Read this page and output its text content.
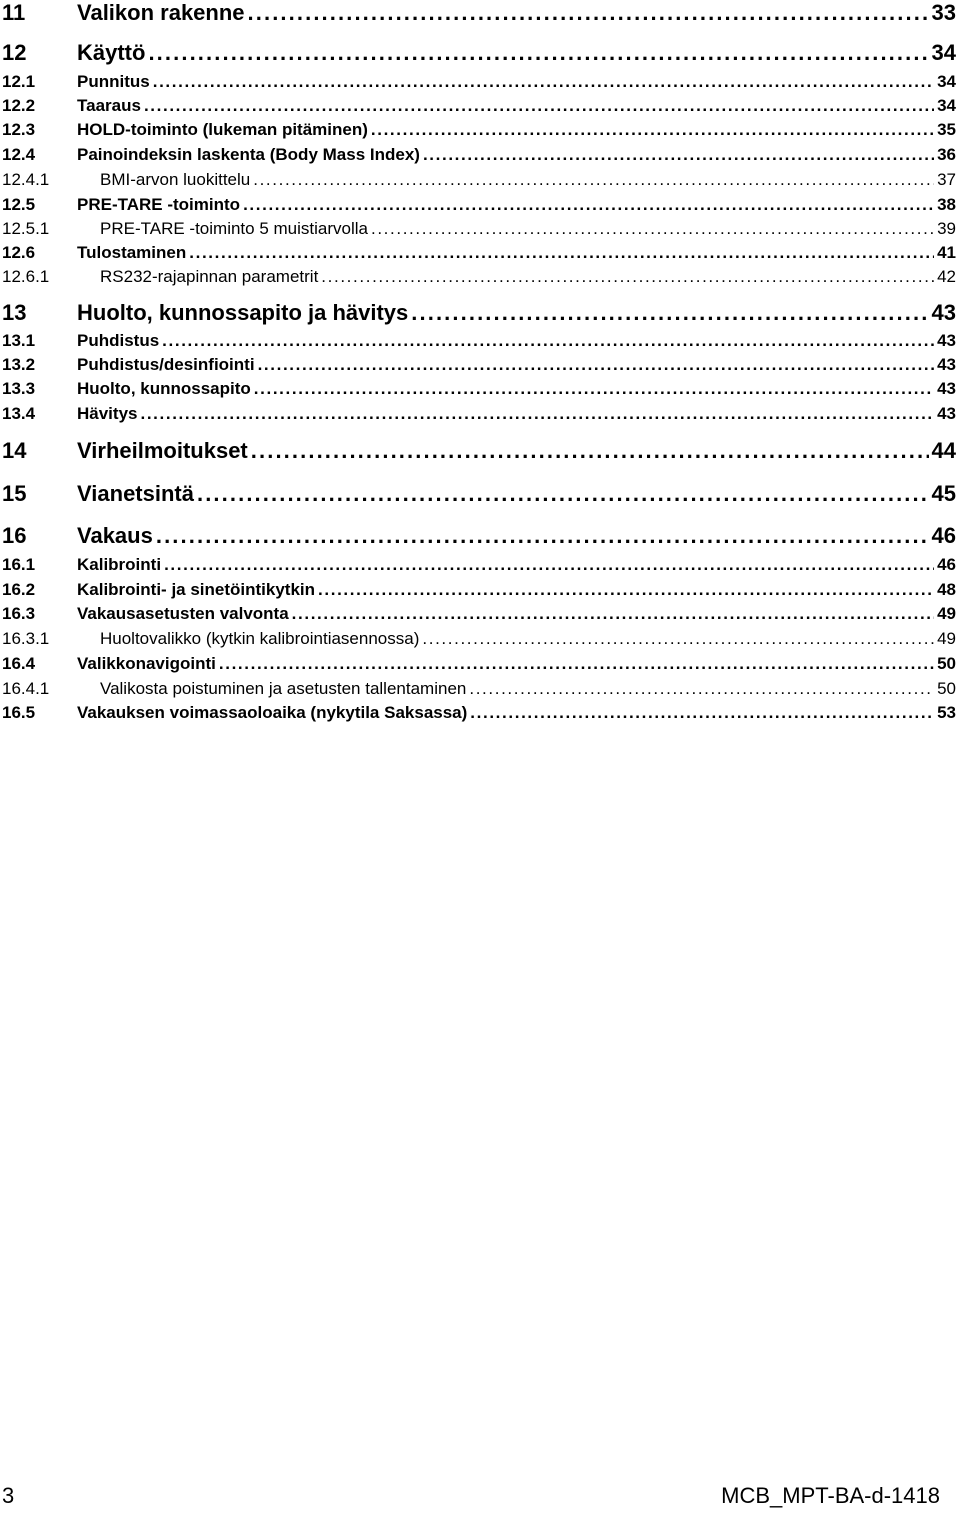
11	Valikon rakenne . . .	33
12	Käyttö . . .	34
12.1	Punnitus . . .	34
12.2	Taaraus . . .	34
12.3	HOLD-toiminto (lukeman pitäminen) . . .	35
12.4	Painoindeksin laskenta (Body Mass Index) . . .	36
12.4.1	BMI-arvon luokittelu . . .	37
12.5	PRE-TARE -toiminto . . .	38
12.5.1	PRE-TARE -toiminto 5 muistiarvolla . . .	39
12.6	Tulostaminen . . .	41
12.6.1	RS232-rajapinnan parametrit . . .	42
13	Huolto, kunnossapito ja hävitys . . .	43
13.1	Puhdistus . . .	43
13.2	Puhdistus/desinfiointi . . .	43
13.3	Huolto, kunnossapito . . .	43
13.4	Hävitys . . .	43
14	Virheilmoitukset . . .	44
15	Vianetsintä . . .	45
16	Vakaus . . .	46
16.1	Kalibrointi . . .	46
16.2	Kalibrointi- ja sinetöintikytkin . . .	48
16.3	Vakausasetusten valvonta . . .	49
16.3.1	Huoltovalikko (kytkin kalibrointiasennossa) . . .	49
16.4	Valikkonavigointi . . .	50
16.4.1	Valikosta poistuminen ja asetusten tallentaminen . . .	50
16.5	Vakauksen voimassaoloaika (nykytila Saksassa) . . .	53
3	MCB_MPT-BA-d-1418
